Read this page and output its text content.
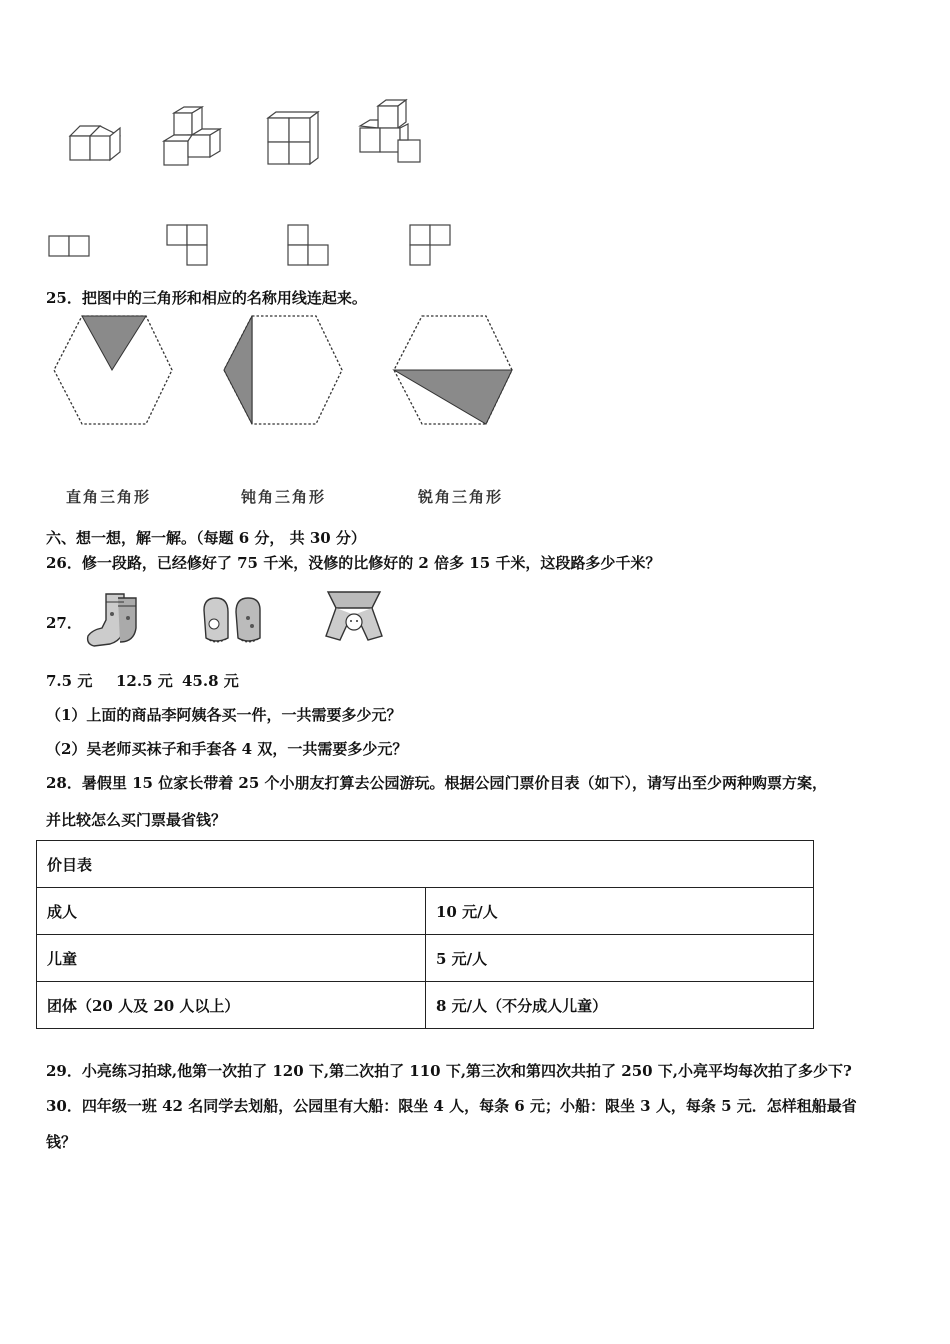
25．把图中的三角形和相应的名称用线连起来。
直角三角形	钝角三角形	锐角三角形
六、想一想，解一解。（每题 6 分， 共 30 分）
26．修一段路，已经修好了 75 千米，没修的比修好的 2 倍多 15 千米，这段路多少千米？
27．
7.5 元 12.5 元 45.8 元
（1）上面的商品李阿姨各买一件，一共需要多少元？
（2）吴老师买袜子和手套各 4 双，一共需要多少元？
28．暑假里 15 位家长带着 25 个小朋友打算去公园游玩。根据公园门票价目表（如下），请写出至少两种购票方案，
并比较怎么买门票最省钱？
价目表	
成人	10 元/人
儿童	5 元/人
团体（20 人及 20 人以上）	8 元/人（不分成人儿童）
29．小亮练习拍球,他第一次拍了 120 下,第二次拍了 110 下,第三次和第四次共拍了 250 下,小亮平均每次拍了多少下?
30．四年级一班 42 名同学去划船，公园里有大船：限坐 4 人，每条 6 元；小船：限坐 3 人，每条 5 元．怎样租船最省
钱？
